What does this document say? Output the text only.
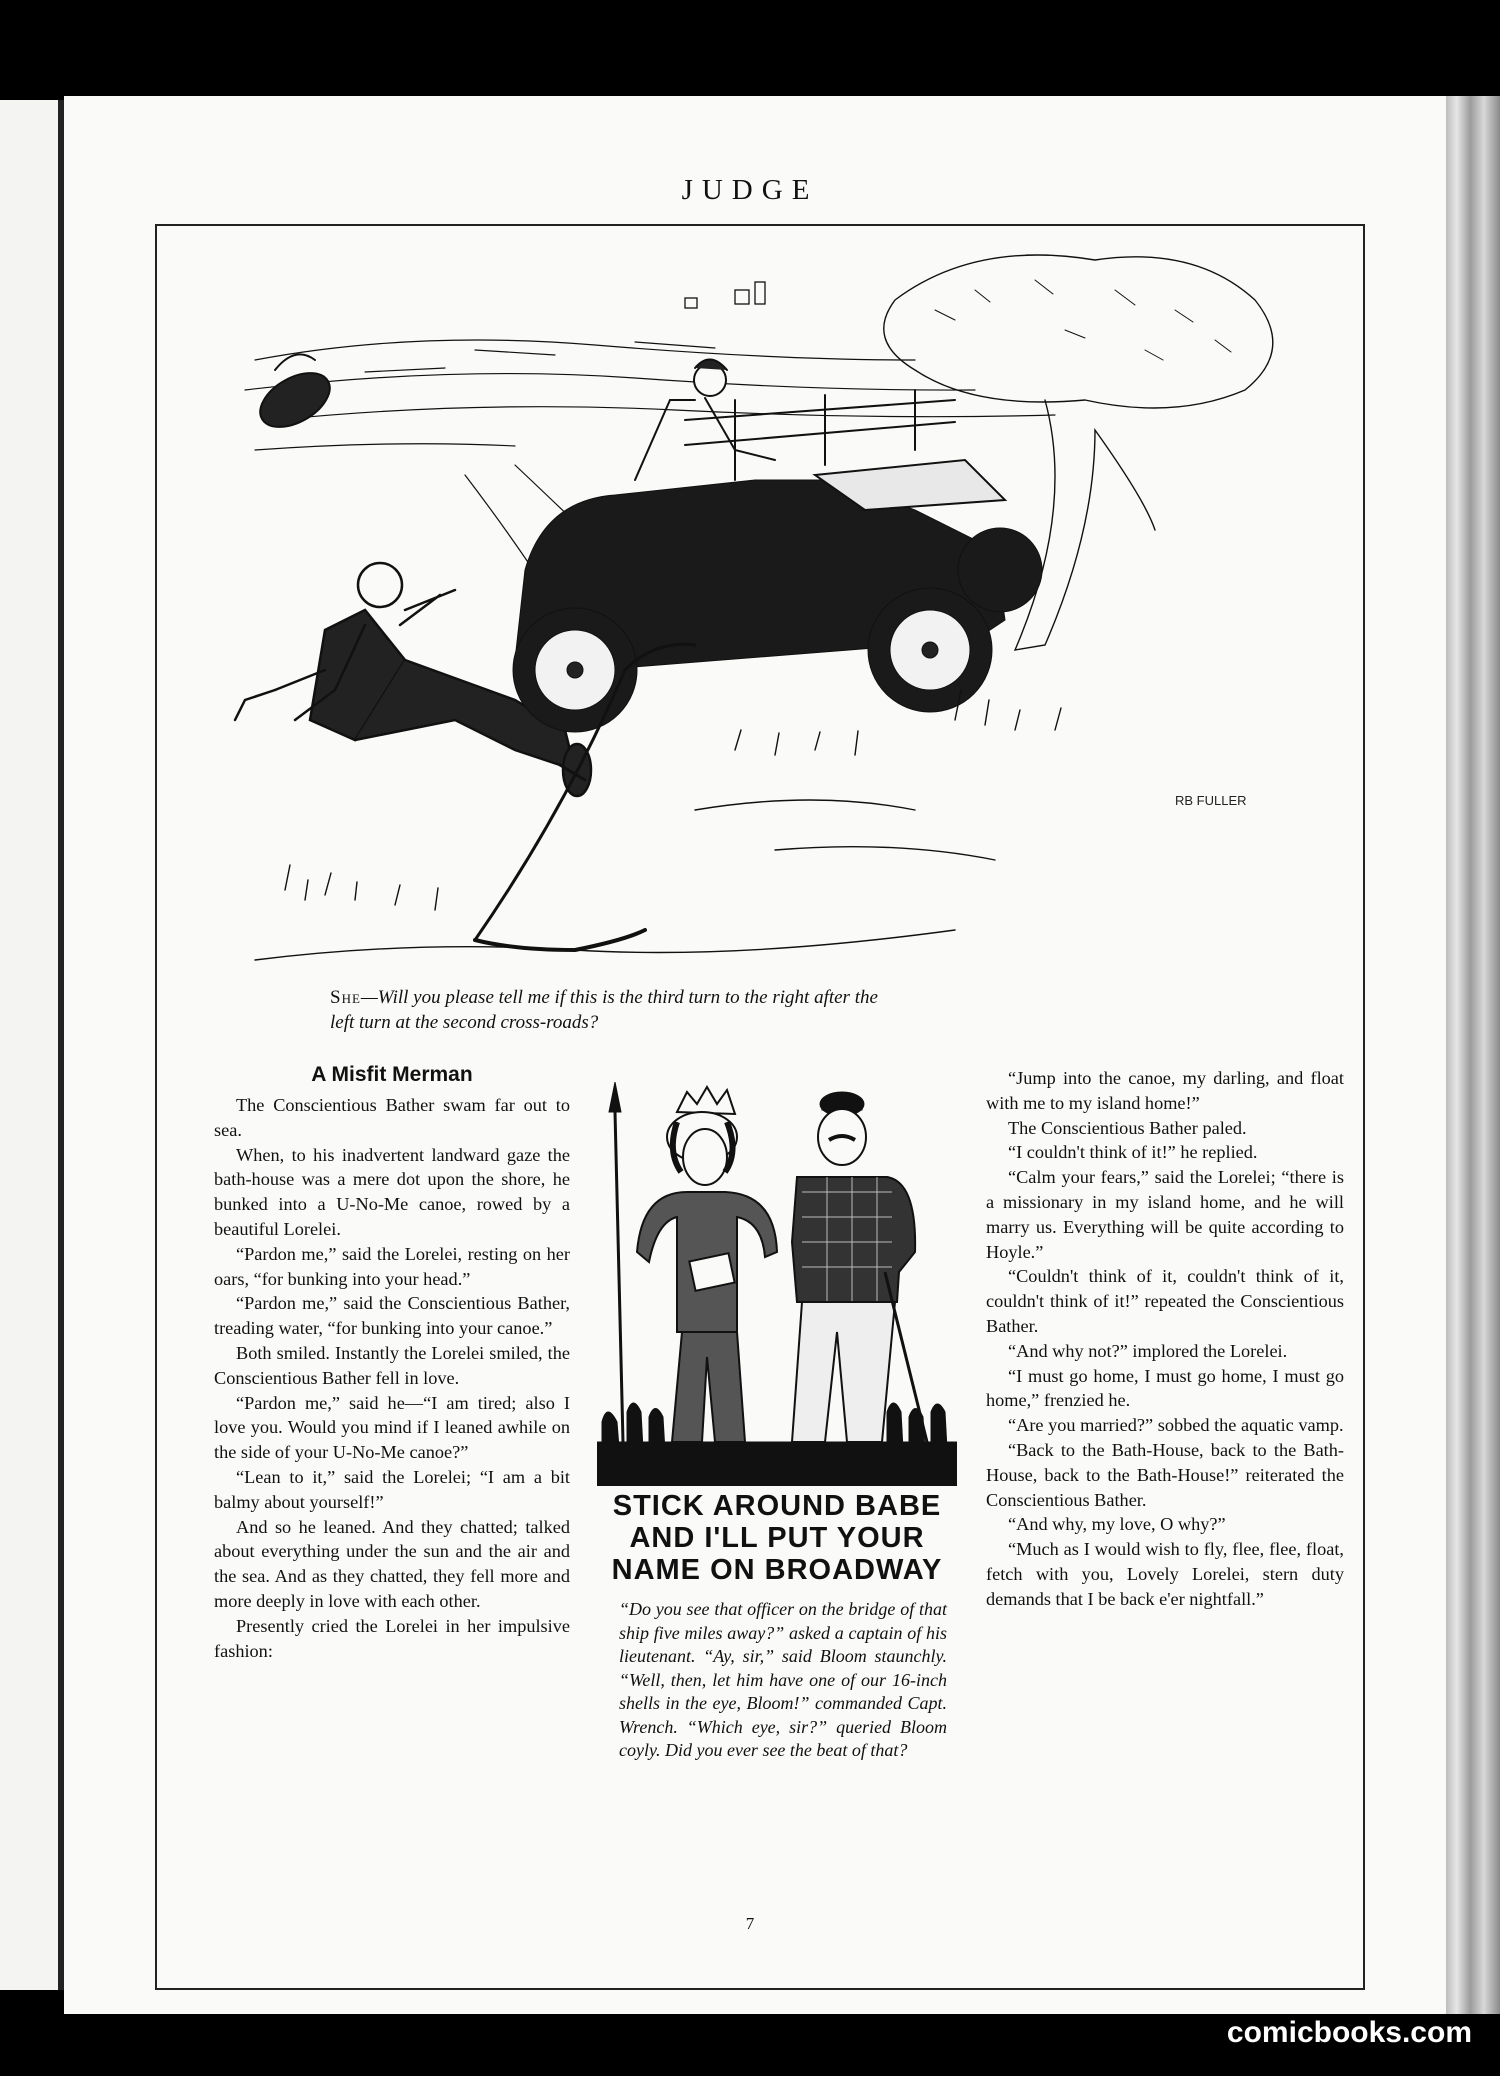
JUDGE
RB FULLER
She—Will you please tell me if this is the third turn to the right after the
left turn at the second cross-roads?
A Misfit Merman

The Conscientious Bather swam far out to sea.

When, to his inadvertent landward gaze the bath-house was a mere dot upon the shore, he bunked into a U-No-Me canoe, rowed by a beautiful Lorelei.

“Pardon me,” said the Lorelei, resting on her oars, “for bunking into your head.”

“Pardon me,” said the Conscientious Bather, treading water, “for bunking into your canoe.”

Both smiled. Instantly the Lorelei smiled, the Conscientious Bather fell in love.

“Pardon me,” said he—“I am tired; also I love you. Would you mind if I leaned awhile on the side of your U-No-Me canoe?”

“Lean to it,” said the Lorelei; “I am a bit balmy about yourself!”

And so he leaned. And they chatted; talked about everything under the sun and the air and the sea. And as they chatted, they fell more and more deeply in love with each other.

Presently cried the Lorelei in her impulsive fashion:

STICK AROUND BABE
AND I'LL PUT YOUR
NAME ON BROADWAY

“Do you see that officer on the bridge of that ship five miles away?” asked a captain of his lieutenant. “Ay, sir,” said Bloom staunchly. “Well, then, let him have one of our 16-inch shells in the eye, Bloom!” commanded Capt. Wrench. “Which eye, sir?” queried Bloom coyly. Did you ever see the beat of that?

“Jump into the canoe, my darling, and float with me to my island home!”

The Conscientious Bather paled.

“I couldn't think of it!” he replied.

“Calm your fears,” said the Lorelei; “there is a missionary in my island home, and he will marry us. Everything will be quite according to Hoyle.”

“Couldn't think of it, couldn't think of it, couldn't think of it!” repeated the Conscientious Bather.

“And why not?” implored the Lorelei.

“I must go home, I must go home, I must go home,” frenzied he.

“Are you married?” sobbed the aquatic vamp.

“Back to the Bath-House, back to the Bath-House, back to the Bath-House!” reiterated the Conscientious Bather.

“And why, my love, O why?”

“Much as I would wish to fly, flee, flee, float, fetch with you, Lovely Lorelei, stern duty demands that I be back e'er nightfall.”

7
comicbooks.com
